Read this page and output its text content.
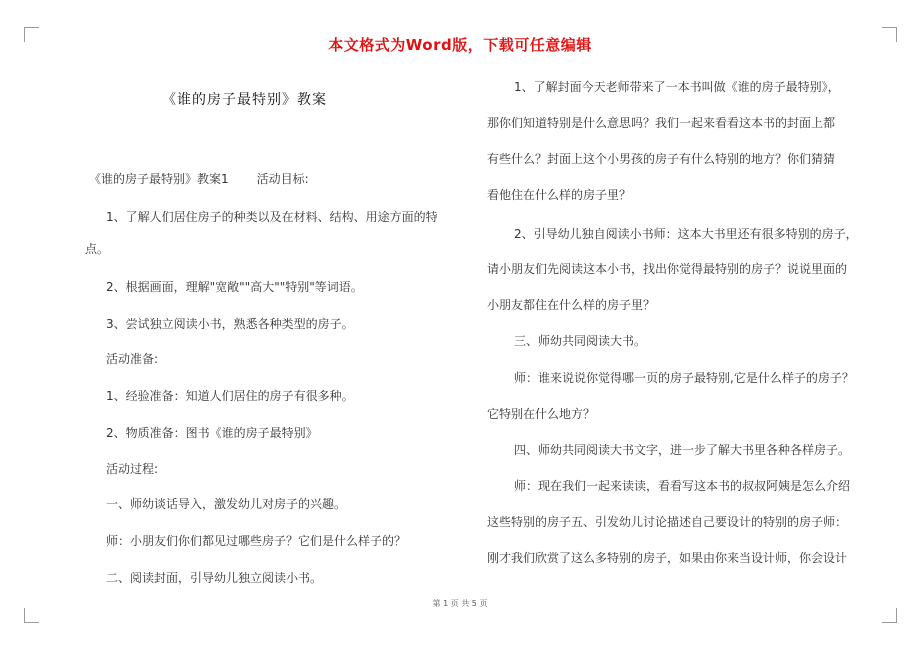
本文格式为Word版，下载可任意编辑
《谁的房子最特别》教案

《谁的房子最特别》教案1 活动目标:

1、了解人们居住房子的种类以及在材料、结构、用途方面的特

点。

2、根据画面，理解"宽敞""高大""特别"等词语。

3、尝试独立阅读小书，熟悉各种类型的房子。

活动准备:

1、经验准备：知道人们居住的房子有很多种。

2、物质准备：图书《谁的房子最特别》

活动过程:

一、师幼谈话导入，激发幼儿对房子的兴趣。

师：小朋友们你们都见过哪些房子？它们是什么样子的？

二、阅读封面，引导幼儿独立阅读小书。

1、了解封面今天老师带来了一本书叫做《谁的房子最特别》，

那你们知道特别是什么意思吗？我们一起来看看这本书的封面上都

有些什么？封面上这个小男孩的房子有什么特别的地方？你们猜猜

看他住在什么样的房子里？

2、引导幼儿独自阅读小书师：这本大书里还有很多特别的房子，

请小朋友们先阅读这本小书，找出你觉得最特别的房子？说说里面的

小朋友都住在什么样的房子里？

三、师幼共同阅读大书。

师：谁来说说你觉得哪一页的房子最特别,它是什么样子的房子？

它特别在什么地方？

四、师幼共同阅读大书文字，进一步了解大书里各种各样房子。

师：现在我们一起来读读，看看写这本书的叔叔阿姨是怎么介绍

这些特别的房子五、引发幼儿讨论描述自己要设计的特别的房子师：

刚才我们欣赏了这么多特别的房子，如果由你来当设计师，你会设计

第 1 页 共 5 页
